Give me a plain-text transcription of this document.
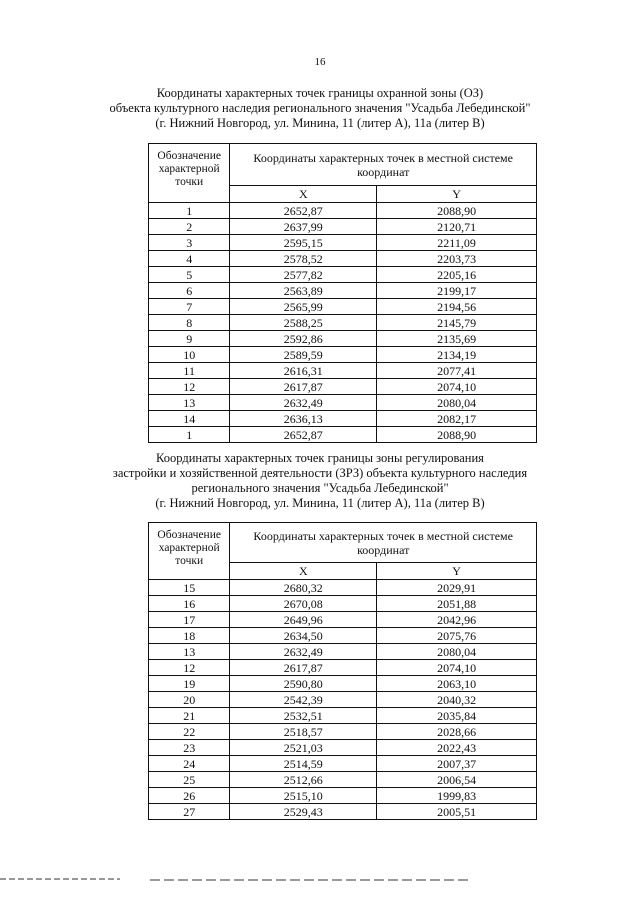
16
Координаты характерных точек границы охранной зоны (ОЗ)
объекта культурного наследия регионального значения "Усадьба Лебединской"
(г. Нижний Новгород, ул. Минина, 11 (литер А), 11а (литер В)
Обозначение характерной точки	Координаты характерных точек в местной системе координат	
	X	Y
1	2652,87	2088,90
2	2637,99	2120,71
3	2595,15	2211,09
4	2578,52	2203,73
5	2577,82	2205,16
6	2563,89	2199,17
7	2565,99	2194,56
8	2588,25	2145,79
9	2592,86	2135,69
10	2589,59	2134,19
11	2616,31	2077,41
12	2617,87	2074,10
13	2632,49	2080,04
14	2636,13	2082,17
1	2652,87	2088,90
Координаты характерных точек границы зоны регулирования
застройки и хозяйственной деятельности (ЗРЗ) объекта культурного наследия
регионального значения "Усадьба Лебединской"
(г. Нижний Новгород, ул. Минина, 11 (литер А), 11а (литер В)
Обозначение характерной точки	Координаты характерных точек в местной системе координат	
	X	Y
15	2680,32	2029,91
16	2670,08	2051,88
17	2649,96	2042,96
18	2634,50	2075,76
13	2632,49	2080,04
12	2617,87	2074,10
19	2590,80	2063,10
20	2542,39	2040,32
21	2532,51	2035,84
22	2518,57	2028,66
23	2521,03	2022,43
24	2514,59	2007,37
25	2512,66	2006,54
26	2515,10	1999,83
27	2529,43	2005,51
